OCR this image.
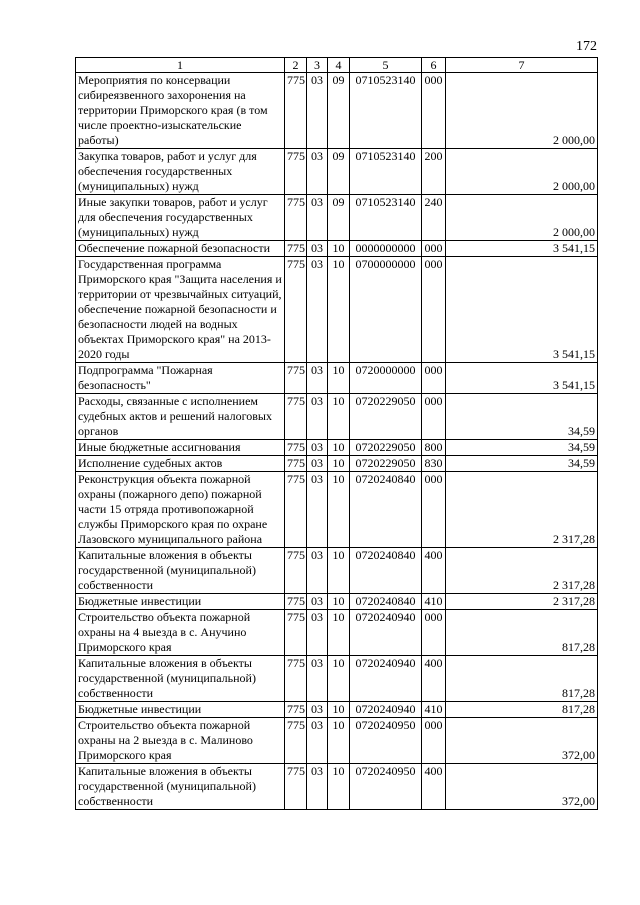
172
1	2	3	4	5	6	7
Мероприятия по консервации сибиреязвенного захоронения на территории Приморского края (в том числе проектно-изыскательские работы)	775	03	09	0710523140	000	2 000,00
Закупка товаров, работ и услуг для обеспечения государственных (муниципальных) нужд	775	03	09	0710523140	200	2 000,00
Иные закупки товаров, работ и услуг для обеспечения государственных (муниципальных) нужд	775	03	09	0710523140	240	2 000,00
Обеспечение пожарной безопасности	775	03	10	0000000000	000	3 541,15
Государственная программа Приморского края "Защита населения и территории от чрезвычайных ситуаций, обеспечение пожарной безопасности и безопасности людей на водных объектах Приморского края" на 2013-2020 годы	775	03	10	0700000000	000	3 541,15
Подпрограмма "Пожарная безопасность"	775	03	10	0720000000	000	3 541,15
Расходы, связанные с исполнением судебных актов и решений налоговых органов	775	03	10	0720229050	000	34,59
Иные бюджетные ассигнования	775	03	10	0720229050	800	34,59
Исполнение судебных актов	775	03	10	0720229050	830	34,59
Реконструкция объекта пожарной охраны (пожарного депо) пожарной части 15 отряда противопожарной службы Приморского края по охране Лазовского муниципального района	775	03	10	0720240840	000	2 317,28
Капитальные вложения в объекты государственной (муниципальной) собственности	775	03	10	0720240840	400	2 317,28
Бюджетные инвестиции	775	03	10	0720240840	410	2 317,28
Строительство объекта пожарной охраны на 4 выезда в с. Анучино Приморского края	775	03	10	0720240940	000	817,28
Капитальные вложения в объекты государственной (муниципальной) собственности	775	03	10	0720240940	400	817,28
Бюджетные инвестиции	775	03	10	0720240940	410	817,28
Строительство объекта пожарной охраны на 2 выезда в с. Малиново Приморского края	775	03	10	0720240950	000	372,00
Капитальные вложения в объекты государственной (муниципальной) собственности	775	03	10	0720240950	400	372,00
